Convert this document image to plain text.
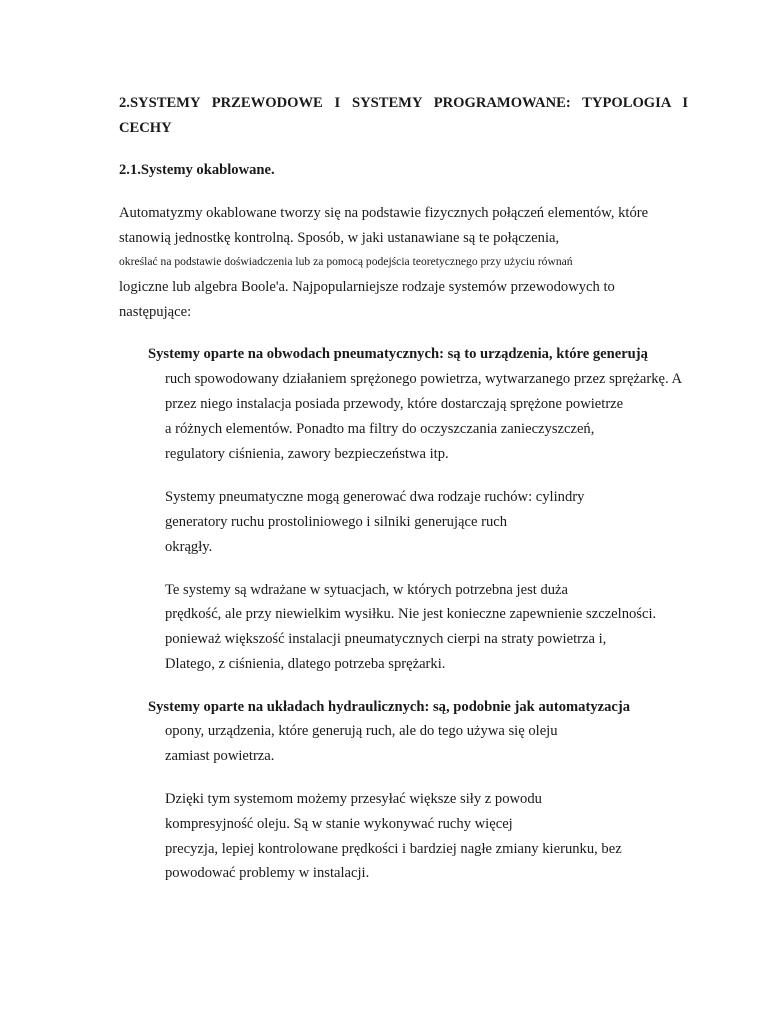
2.SYSTEMY PRZEWODOWE I SYSTEMY PROGRAMOWANE: TYPOLOGIA I
CECHY
2.1.Systemy okablowane.
Automatyzmy okablowane tworzy się na podstawie fizycznych połączeń elementów, które
stanowią jednostkę kontrolną. Sposób, w jaki ustanawiane są te połączenia,
określać na podstawie doświadczenia lub za pomocą podejścia teoretycznego przy użyciu równań
logiczne lub algebra Boole'a. Najpopularniejsze rodzaje systemów przewodowych to
następujące:
Systemy oparte na obwodach pneumatycznych: są to urządzenia, które generują
ruch spowodowany działaniem sprężonego powietrza, wytwarzanego przez sprężarkę. A
przez niego instalacja posiada przewody, które dostarczają sprężone powietrze
a różnych elementów. Ponadto ma filtry do oczyszczania zanieczyszczeń,
regulatory ciśnienia, zawory bezpieczeństwa itp.
Systemy pneumatyczne mogą generować dwa rodzaje ruchów: cylindry
generatory ruchu prostoliniowego i silniki generujące ruch
okrągły.
Te systemy są wdrażane w sytuacjach, w których potrzebna jest duża
prędkość, ale przy niewielkim wysiłku. Nie jest konieczne zapewnienie szczelności.
ponieważ większość instalacji pneumatycznych cierpi na straty powietrza i,
Dlatego, z ciśnienia, dlatego potrzeba sprężarki.
Systemy oparte na układach hydraulicznych: są, podobnie jak automatyzacja
opony, urządzenia, które generują ruch, ale do tego używa się oleju
zamiast powietrza.
Dzięki tym systemom możemy przesyłać większe siły z powodu
kompresyjność oleju. Są w stanie wykonywać ruchy więcej
precyzja, lepiej kontrolowane prędkości i bardziej nagłe zmiany kierunku, bez
powodować problemy w instalacji.
